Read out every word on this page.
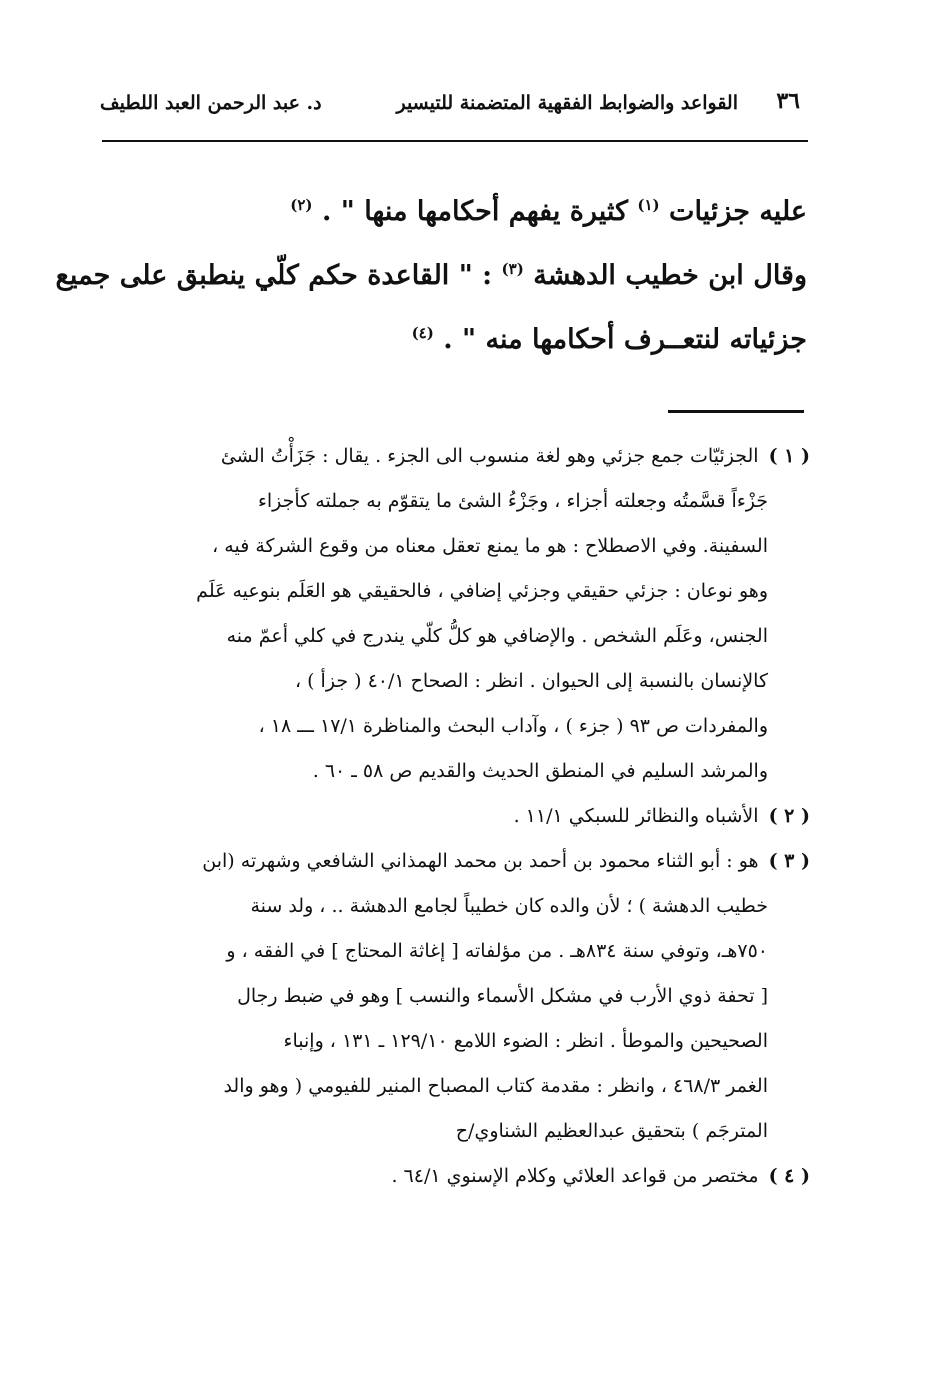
٣٦
القواعد والضوابط الفقهية المتضمنة للتيسير
د. عبد الرحمن العبد اللطيف

عليه جزئيات $^{(١)}$ كثيرة يفهم أحكامها منها " . $^{(٢)}$

وقال ابن خطيب الدهشة $^{(٣)}$ : " القاعدة حكم كلّي ينطبق على جميع

جزئياته لنتعــرف أحكامها منه " . $^{(٤)}$

( ١ )الجزئيّات جمع جزئي وهو لغة منسوب الى الجزء . يقال : جَزَأْتُ الشئ
جَزْءاً قسَّمتُه وجعلته أجزاء ، وجَزْءُ الشئ ما يتقوّم به جملته كأجزاء
السفينة. وفي الاصطلاح : هو ما يمنع تعقل معناه من وقوع الشركة فيه ،
وهو نوعان : جزئي حقيقي وجزئي إضافي ، فالحقيقي هو العَلَم بنوعيه عَلَم
الجنس، وعَلَم الشخص . والإضافي هو كلُّ كلّي يندرج في كلي أعمّ منه
كالإنسان بالنسبة إلى الحيوان . انظر : الصحاح ٤٠/١ ( جزأ ) ،
والمفردات ص ٩٣ ( جزء ) ، وآداب البحث والمناظرة ١٧/١ ـــ ١٨ ،
والمرشد السليم في المنطق الحديث والقديم ص ٥٨ ـ ٦٠ .
( ٢ )الأشباه والنظائر للسبكي ١١/١ .
( ٣ )هو : أبو الثناء محمود بن أحمد بن محمد الهمذاني الشافعي وشهرته (ابن
خطيب الدهشة ) ؛ لأن والده كان خطيباً لجامع الدهشة .. ، ولد سنة
٧٥٠هـ، وتوفي سنة ٨٣٤هـ . من مؤلفاته [ إغاثة المحتاج ] في الفقه ، و
[ تحفة ذوي الأرب في مشكل الأسماء والنسب ] وهو في ضبط رجال
الصحيحين والموطأ . انظر : الضوء اللامع ١٢٩/١٠ ـ ١٣١ ، وإنباء
الغمر ٤٦٨/٣ ، وانظر : مقدمة كتاب المصباح المنير للفيومي ( وهو والد
المترجَم ) بتحقيق عبدالعظيم الشناوي/ح
( ٤ )مختصر من قواعد العلائي وكلام الإسنوي ٦٤/١ .
